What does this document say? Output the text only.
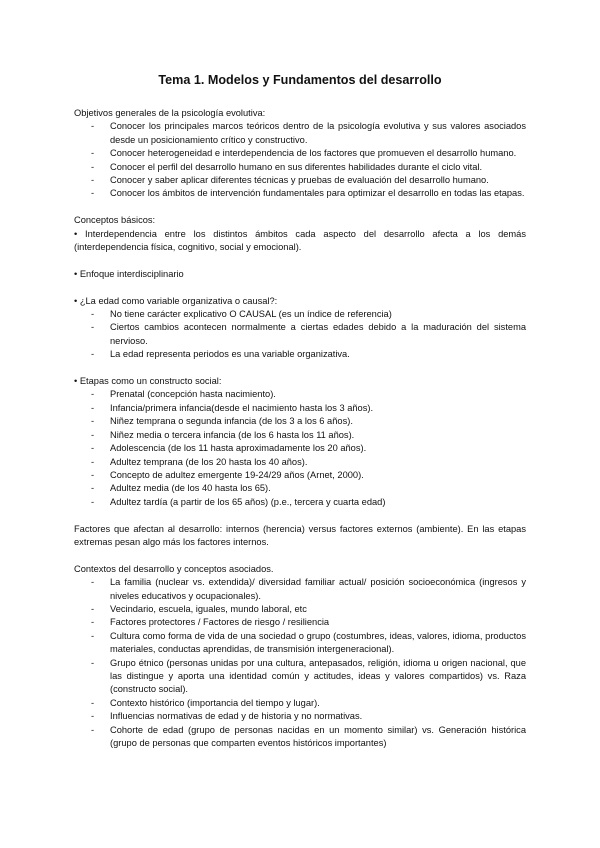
Tema 1. Modelos y Fundamentos del desarrollo

Objetivos generales de la psicología evolutiva:

- Conocer los principales marcos teóricos dentro de la psicología evolutiva y sus valores asociados desde un posicionamiento crítico y constructivo.
- Conocer heterogeneidad e interdependencia de los factores que promueven el desarrollo humano.
- Conocer el perfil del desarrollo humano en sus diferentes habilidades durante el ciclo vital.
- Conocer y saber aplicar diferentes técnicas y pruebas de evaluación del desarrollo humano.
- Conocer los ámbitos de intervención fundamentales para optimizar el desarrollo en todas las etapas.

Conceptos básicos:

• Interdependencia entre los distintos ámbitos cada aspecto del desarrollo afecta a los demás (interdependencia física, cognitivo, social y emocional).

• Enfoque interdisciplinario

• ¿La edad como variable organizativa o causal?:

- No tiene carácter explicativo O CAUSAL (es un índice de referencia)
- Ciertos cambios acontecen normalmente a ciertas edades debido a la maduración del sistema nervioso.
- La edad representa periodos es una variable organizativa.

• Etapas como un constructo social:

- Prenatal (concepción hasta nacimiento).
- Infancia/primera infancia(desde el nacimiento hasta los 3 años).
- Niñez temprana o segunda infancia (de los 3 a los 6 años).
- Niñez media o tercera infancia (de los 6 hasta los 11 años).
- Adolescencia (de los 11 hasta aproximadamente los 20 años).
- Adultez temprana (de los 20 hasta los 40 años).
- Concepto de adultez emergente 19-24/29 años (Arnet, 2000).
- Adultez media (de los 40 hasta los 65).
- Adultez tardía (a partir de los 65 años) (p.e., tercera y cuarta edad)

Factores que afectan al desarrollo: internos (herencia) versus factores externos (ambiente). En las etapas extremas pesan algo más los factores internos.

Contextos del desarrollo y conceptos asociados.

- La familia (nuclear vs. extendida)/ diversidad familiar actual/ posición socioeconómica (ingresos y niveles educativos y ocupacionales).
- Vecindario, escuela, iguales, mundo laboral, etc
- Factores protectores / Factores de riesgo / resiliencia
- Cultura como forma de vida de una sociedad o grupo (costumbres, ideas, valores, idioma, productos materiales, conductas aprendidas, de transmisión intergeneracional).
- Grupo étnico (personas unidas por una cultura, antepasados, religión, idioma u origen nacional, que las distingue y aporta una identidad común y actitudes, ideas y valores compartidos) vs. Raza (constructo social).
- Contexto histórico (importancia del tiempo y lugar).
- Influencias normativas de edad y de historia y no normativas.
- Cohorte de edad (grupo de personas nacidas en un momento similar) vs. Generación histórica (grupo de personas que comparten eventos históricos importantes)
